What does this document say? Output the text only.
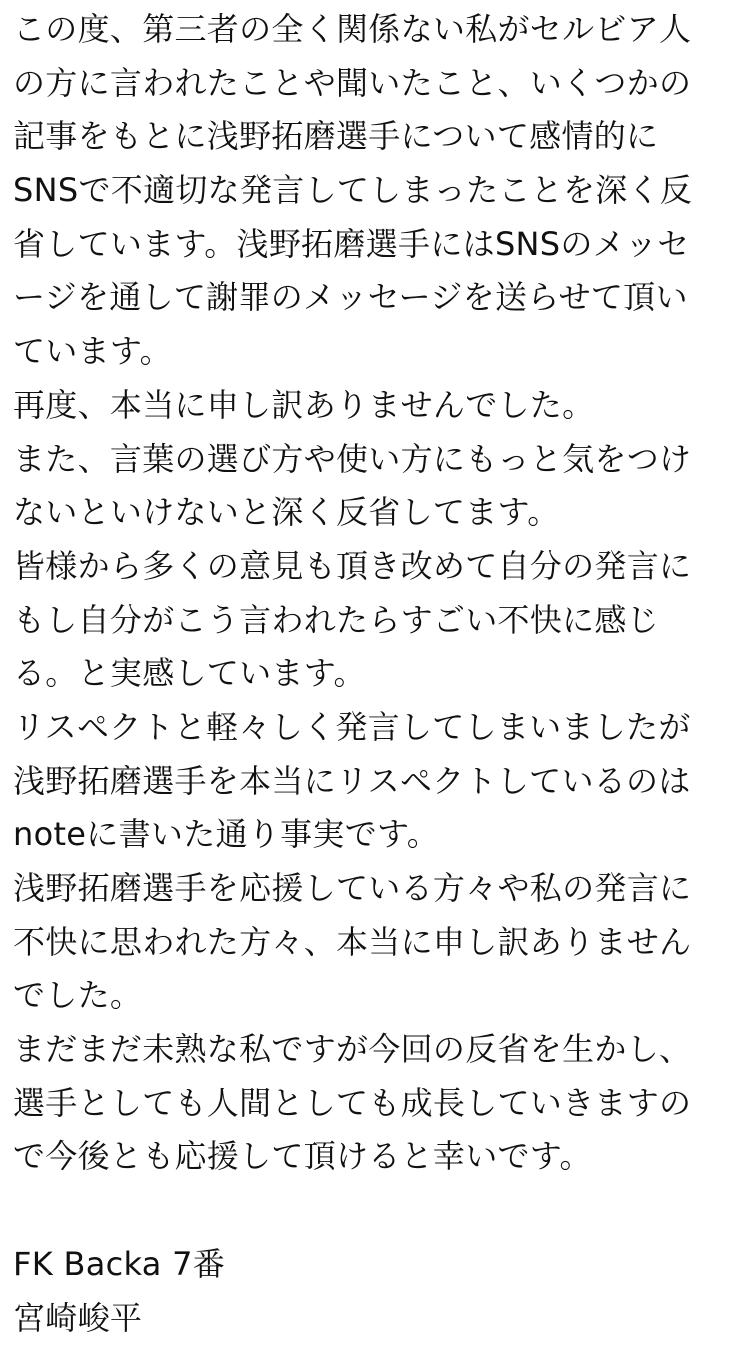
この度、第三者の全く関係ない私がセルビア人
の方に言われたことや聞いたこと、いくつかの
記事をもとに浅野拓磨選手について感情的に
SNSで不適切な発言してしまったことを深く反
省しています。浅野拓磨選手にはSNSのメッセ
ージを通して謝罪のメッセージを送らせて頂い
ています。
再度、本当に申し訳ありませんでした。
また、言葉の選び方や使い方にもっと気をつけ
ないといけないと深く反省してます。
皆様から多くの意見も頂き改めて自分の発言に
もし自分がこう言われたらすごい不快に感じ
る。と実感しています。
リスペクトと軽々しく発言してしまいましたが
浅野拓磨選手を本当にリスペクトしているのは
noteに書いた通り事実です。
浅野拓磨選手を応援している方々や私の発言に
不快に思われた方々、本当に申し訳ありません
でした。
まだまだ未熟な私ですが今回の反省を生かし、
選手としても人間としても成長していきますの
で今後とも応援して頂けると幸いです。
FK Backa 7番
宮崎峻平
